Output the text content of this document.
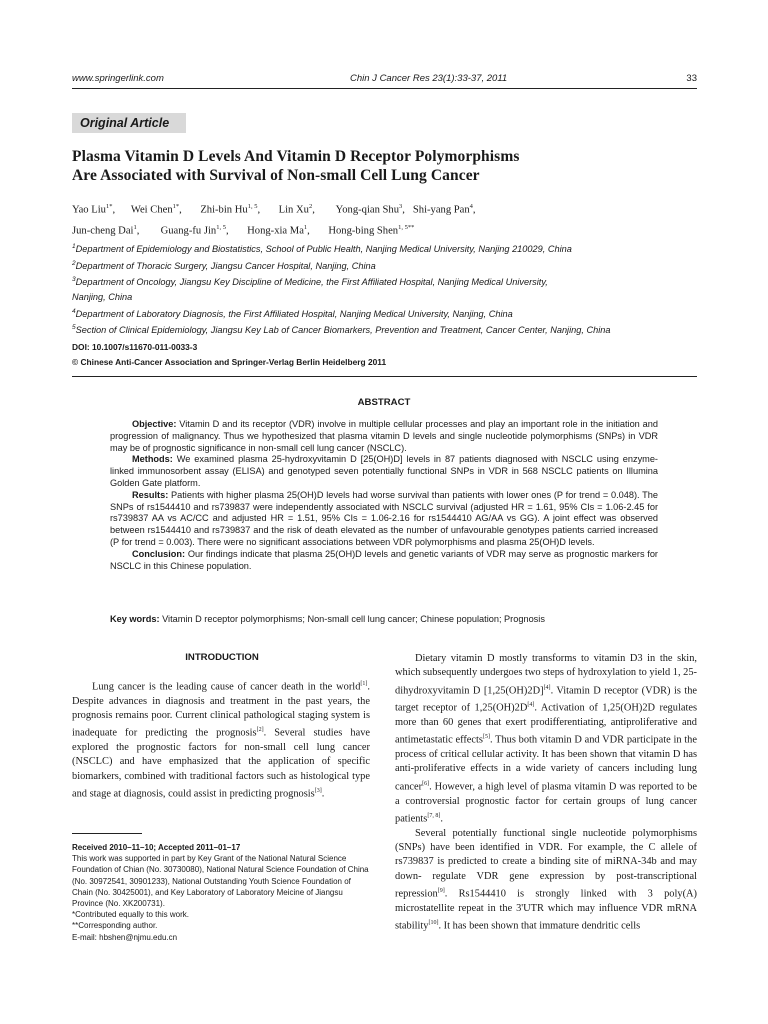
www.springerlink.com	Chin J Cancer Res 23(1):33-37, 2011	33
Original Article
Plasma Vitamin D Levels And Vitamin D Receptor Polymorphisms
Are Associated with Survival of Non-small Cell Lung Cancer
Yao Liu$^{1*}$,      Wei Chen$^{1*}$,       Zhi-bin Hu$^{1, 5}$,       Lin Xu$^2$,        Yong-qian Shu$^3$,   Shi-yang Pan$^4$,
Jun-cheng Dai$^1$,        Guang-fu Jin$^{1, 5}$,       Hong-xia Ma$^1$,       Hong-bing Shen$^{1, 5**}$
$^1$Department of Epidemiology and Biostatistics, School of Public Health, Nanjing Medical University, Nanjing 210029, China
$^2$Department of Thoracic Surgery, Jiangsu Cancer Hospital, Nanjing, China
$^3$Department of Oncology, Jiangsu Key Discipline of Medicine, the First Affiliated Hospital, Nanjing Medical University,
Nanjing, China
$^4$Department of Laboratory Diagnosis, the First Affiliated Hospital, Nanjing Medical University, Nanjing, China
$^5$Section of Clinical Epidemiology, Jiangsu Key Lab of Cancer Biomarkers, Prevention and Treatment, Cancer Center, Nanjing, China
DOI: 10.1007/s11670-011-0033-3
© Chinese Anti-Cancer Association and Springer-Verlag Berlin Heidelberg 2011
ABSTRACT

Objective: Vitamin D and its receptor (VDR) involve in multiple cellular processes and play an important role in the initiation and progression of malignancy. Thus we hypothesized that plasma vitamin D levels and single nucleotide polymorphisms (SNPs) in VDR may be of prognostic significance in non-small cell lung cancer (NSCLC).

Methods: We examined plasma 25-hydroxyvitamin D [25(OH)D] levels in 87 patients diagnosed with NSCLC using enzyme-linked immunosorbent assay (ELISA) and genotyped seven potentially functional SNPs in VDR in 568 NSCLC patients on Illumina Golden Gate platform.

Results: Patients with higher plasma 25(OH)D levels had worse survival than patients with lower ones (P for trend = 0.048). The SNPs of rs1544410 and rs739837 were independently associated with NSCLC survival (adjusted HR = 1.61, 95% CIs = 1.06-2.45 for rs739837 AA vs AC/CC and adjusted HR = 1.51, 95% CIs = 1.06-2.16 for rs1544410 AG/AA vs GG). A joint effect was observed between rs1544410 and rs739837 and the risk of death elevated as the number of unfavourable genotypes patients carried increased (P for trend = 0.003). There were no significant associations between VDR polymorphisms and plasma 25(OH)D levels.

Conclusion: Our findings indicate that plasma 25(OH)D levels and genetic variants of VDR may serve as prognostic markers for NSCLC in this Chinese population.

Key words: Vitamin D receptor polymorphisms; Non-small cell lung cancer; Chinese population; Prognosis
INTRODUCTION

Lung cancer is the leading cause of cancer death in the world[1]. Despite advances in diagnosis and treatment in the past years, the prognosis remains poor. Current clinical pathological staging system is inadequate for predicting the prognosis[2]. Several studies have explored the prognostic factors for non-small cell lung cancer (NSCLC) and have emphasized that the application of specific biomarkers, combined with traditional factors such as histological type and stage at diagnosis, could assist in predicting prognosis[3].

Dietary vitamin D mostly transforms to vitamin D3 in the skin, which subsequently undergoes two steps of hydroxylation to yield 1, 25-dihydroxyvitamin D [1,25(OH)2D][4]. Vitamin D receptor (VDR) is the target receptor of 1,25(OH)2D[4]. Activation of 1,25(OH)2D regulates more than 60 genes that exert prodifferentiating, antiproliferative and antimetastatic effects[5]. Thus both vitamin D and VDR participate in the process of critical cellular activity. It has been shown that vitamin D has anti-proliferative effects in a wide variety of cancers including lung cancer[6]. However, a high level of plasma vitamin D was reported to be a controversial prognostic factor for certain groups of lung cancer patients[7, 8].

Several potentially functional single nucleotide polymorphisms (SNPs) have been identified in VDR. For example, the C allele of rs739837 is predicted to create a binding site of miRNA-34b and may down- regulate VDR gene expression by post-transcriptional repression[9]. Rs1544410 is strongly linked with 3 poly(A) microstatellite repeat in the 3'UTR which may influence VDR mRNA stability[10]. It has been shown that immature dendritic cells

Received 2010–11–10; Accepted 2011–01–17

This work was supported in part by Key Grant of the National Natural Science Foundation of Chian (No. 30730080), National Natural Science Foundation of China (No. 30972541, 30901233), National Outstanding Youth Science Foundation of Chain (No. 30425001), and Key Laboratory of Laboratory Meicine of Jiangsu Province (No. XK200731).

*Contributed equally to this work.

**Corresponding author.

E-mail: hbshen@njmu.edu.cn
